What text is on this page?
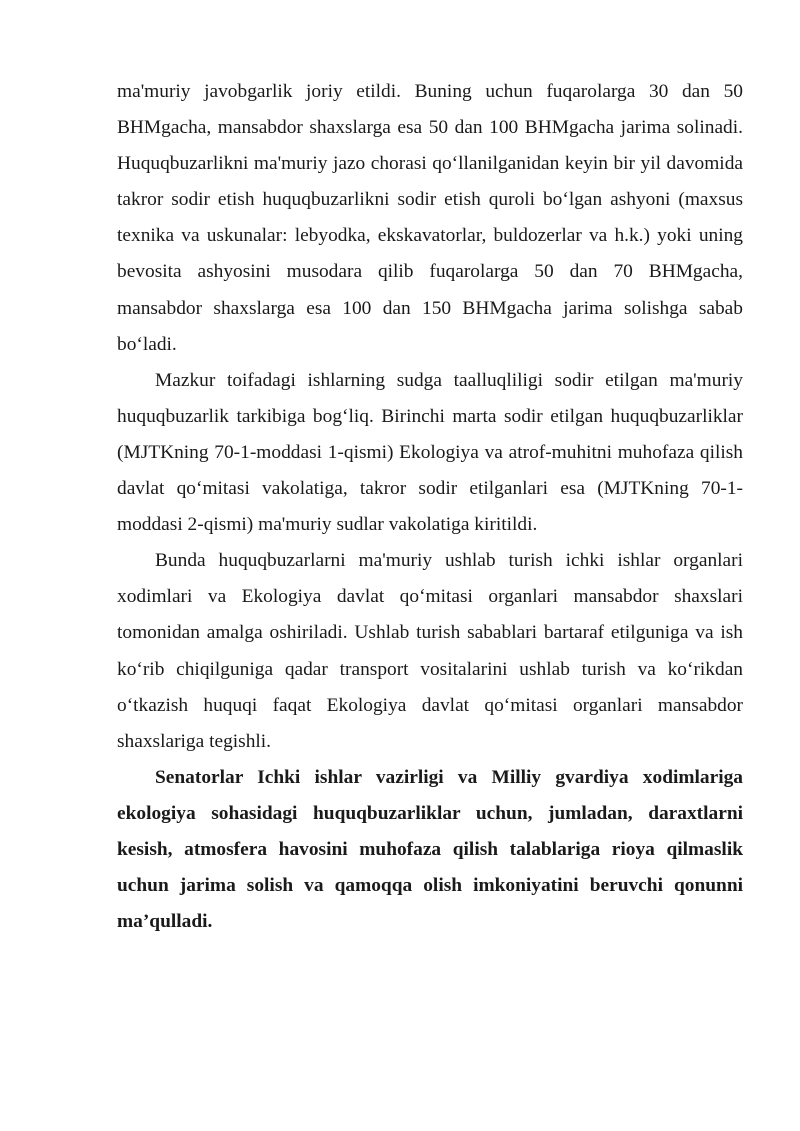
ma'muriy javobgarlik joriy etildi. Buning uchun fuqarolarga 30 dan 50 BHMgacha, mansabdor shaxslarga esa 50 dan 100 BHMgacha jarima solinadi. Huquqbuzarlikni ma'muriy jazo chorasi qo‘llanilganidan keyin bir yil davomida takror sodir etish huquqbuzarlikni sodir etish quroli bo‘lgan ashyoni (maxsus texnika va uskunalar: lebyodka, ekskavatorlar, buldozerlar va h.k.) yoki uning bevosita ashyosini musodara qilib fuqarolarga 50 dan 70 BHMgacha, mansabdor shaxslarga esa 100 dan 150 BHMgacha jarima solishga sabab bo‘ladi.

Mazkur toifadagi ishlarning sudga taalluqliligi sodir etilgan ma'muriy huquqbuzarlik tarkibiga bog‘liq. Birinchi marta sodir etilgan huquqbuzarliklar (MJTKning 70-1-moddasi 1-qismi) Ekologiya va atrof-muhitni muhofaza qilish davlat qo‘mitasi vakolatiga, takror sodir etilganlari esa (MJTKning 70-1-moddasi 2-qismi) ma'muriy sudlar vakolatiga kiritildi.

Bunda huquqbuzarlarni ma'muriy ushlab turish ichki ishlar organlari xodimlari va Ekologiya davlat qo‘mitasi organlari mansabdor shaxslari tomonidan amalga oshiriladi. Ushlab turish sabablari bartaraf etilguniga va ish ko‘rib chiqilguniga qadar transport vositalarini ushlab turish va ko‘rikdan o‘tkazish huquqi faqat Ekologiya davlat qo‘mitasi organlari mansabdor shaxslariga tegishli.

Senatorlar Ichki ishlar vazirligi va Milliy gvardiya xodimlariga ekologiya sohasidagi huquqbuzarliklar uchun, jumladan, daraxtlarni kesish, atmosfera havosini muhofaza qilish talablariga rioya qilmaslik uchun jarima solish va qamoqqa olish imkoniyatini beruvchi qonunni ma’qulladi.
